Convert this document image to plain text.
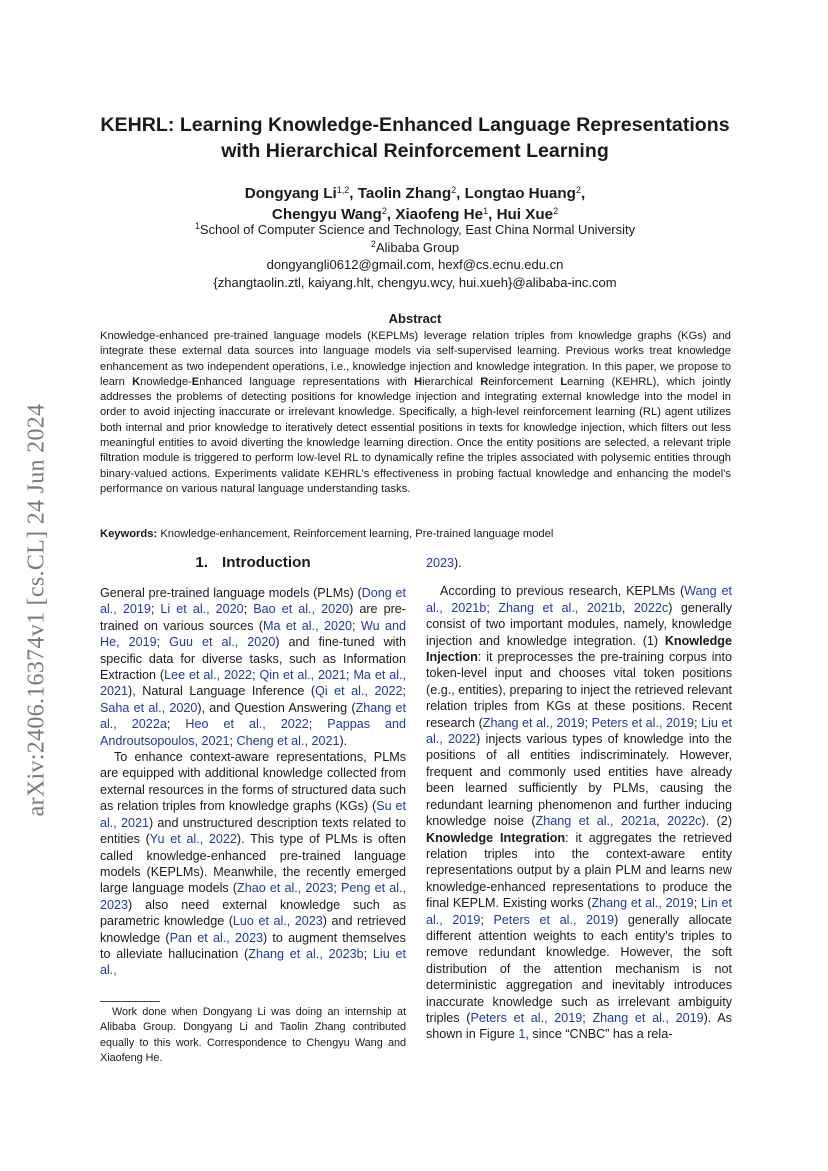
arXiv:2406.16374v1 [cs.CL] 24 Jun 2024
KEHRL: Learning Knowledge-Enhanced Language Representations
with Hierarchical Reinforcement Learning
Dongyang Li$^{1,2}$, Taolin Zhang$^2$, Longtao Huang$^2$,
Chengyu Wang$^2$, Xiaofeng He$^1$, Hui Xue$^2$
$^1$School of Computer Science and Technology, East China Normal University
$^2$Alibaba Group
dongyangli0612@gmail.com, hexf@cs.ecnu.edu.cn
{zhangtaolin.ztl, kaiyang.hlt, chengyu.wcy, hui.xueh}@alibaba-inc.com
Abstract
Knowledge-enhanced pre-trained language models (KEPLMs) leverage relation triples from knowledge graphs (KGs) and integrate these external data sources into language models via self-supervised learning. Previous works treat knowledge enhancement as two independent operations, i.e., knowledge injection and knowledge integration. In this paper, we propose to learn Knowledge-Enhanced language representations with Hierarchical Reinforcement Learning (KEHRL), which jointly addresses the problems of detecting positions for knowledge injection and integrating external knowledge into the model in order to avoid injecting inaccurate or irrelevant knowledge. Specifically, a high-level reinforcement learning (RL) agent utilizes both internal and prior knowledge to iteratively detect essential positions in texts for knowledge injection, which filters out less meaningful entities to avoid diverting the knowledge learning direction. Once the entity positions are selected, a relevant triple filtration module is triggered to perform low-level RL to dynamically refine the triples associated with polysemic entities through binary-valued actions. Experiments validate KEHRL's effectiveness in probing factual knowledge and enhancing the model's performance on various natural language understanding tasks.
Keywords: Knowledge-enhancement, Reinforcement learning, Pre-trained language model
1. Introduction

General pre-trained language models (PLMs) (Dong et al., 2019; Li et al., 2020; Bao et al., 2020) are pre-trained on various sources (Ma et al., 2020; Wu and He, 2019; Guu et al., 2020) and fine-tuned with specific data for diverse tasks, such as Information Extraction (Lee et al., 2022; Qin et al., 2021; Ma et al., 2021), Natural Language Inference (Qi et al., 2022; Saha et al., 2020), and Question Answering (Zhang et al., 2022a; Heo et al., 2022; Pappas and Androutsopoulos, 2021; Cheng et al., 2021).

To enhance context-aware representations, PLMs are equipped with additional knowledge collected from external resources in the forms of structured data such as relation triples from knowledge graphs (KGs) (Su et al., 2021) and unstructured description texts related to entities (Yu et al., 2022). This type of PLMs is often called knowledge-enhanced pre-trained language models (KEPLMs). Meanwhile, the recently emerged large language models (Zhao et al., 2023; Peng et al., 2023) also need external knowledge such as parametric knowledge (Luo et al., 2023) and retrieved knowledge (Pan et al., 2023) to augment themselves to alleviate hallucination (Zhang et al., 2023b; Liu et al.,

Work done when Dongyang Li was doing an internship at Alibaba Group. Dongyang Li and Taolin Zhang contributed equally to this work. Correspondence to Chengyu Wang and Xiaofeng He.

2023).

According to previous research, KEPLMs (Wang et al., 2021b; Zhang et al., 2021b, 2022c) generally consist of two important modules, namely, knowledge injection and knowledge integration. (1) Knowledge Injection: it preprocesses the pre-training corpus into token-level input and chooses vital token positions (e.g., entities), preparing to inject the retrieved relevant relation triples from KGs at these positions. Recent research (Zhang et al., 2019; Peters et al., 2019; Liu et al., 2022) injects various types of knowledge into the positions of all entities indiscriminately. However, frequent and commonly used entities have already been learned sufficiently by PLMs, causing the redundant learning phenomenon and further inducing knowledge noise (Zhang et al., 2021a, 2022c). (2) Knowledge Integration: it aggregates the retrieved relation triples into the context-aware entity representations output by a plain PLM and learns new knowledge-enhanced representations to produce the final KEPLM. Existing works (Zhang et al., 2019; Lin et al., 2019; Peters et al., 2019) generally allocate different attention weights to each entity's triples to remove redundant knowledge. However, the soft distribution of the attention mechanism is not deterministic aggregation and inevitably introduces inaccurate knowledge such as irrelevant ambiguity triples (Peters et al., 2019; Zhang et al., 2019). As shown in Figure 1, since “CNBC” has a rela-
